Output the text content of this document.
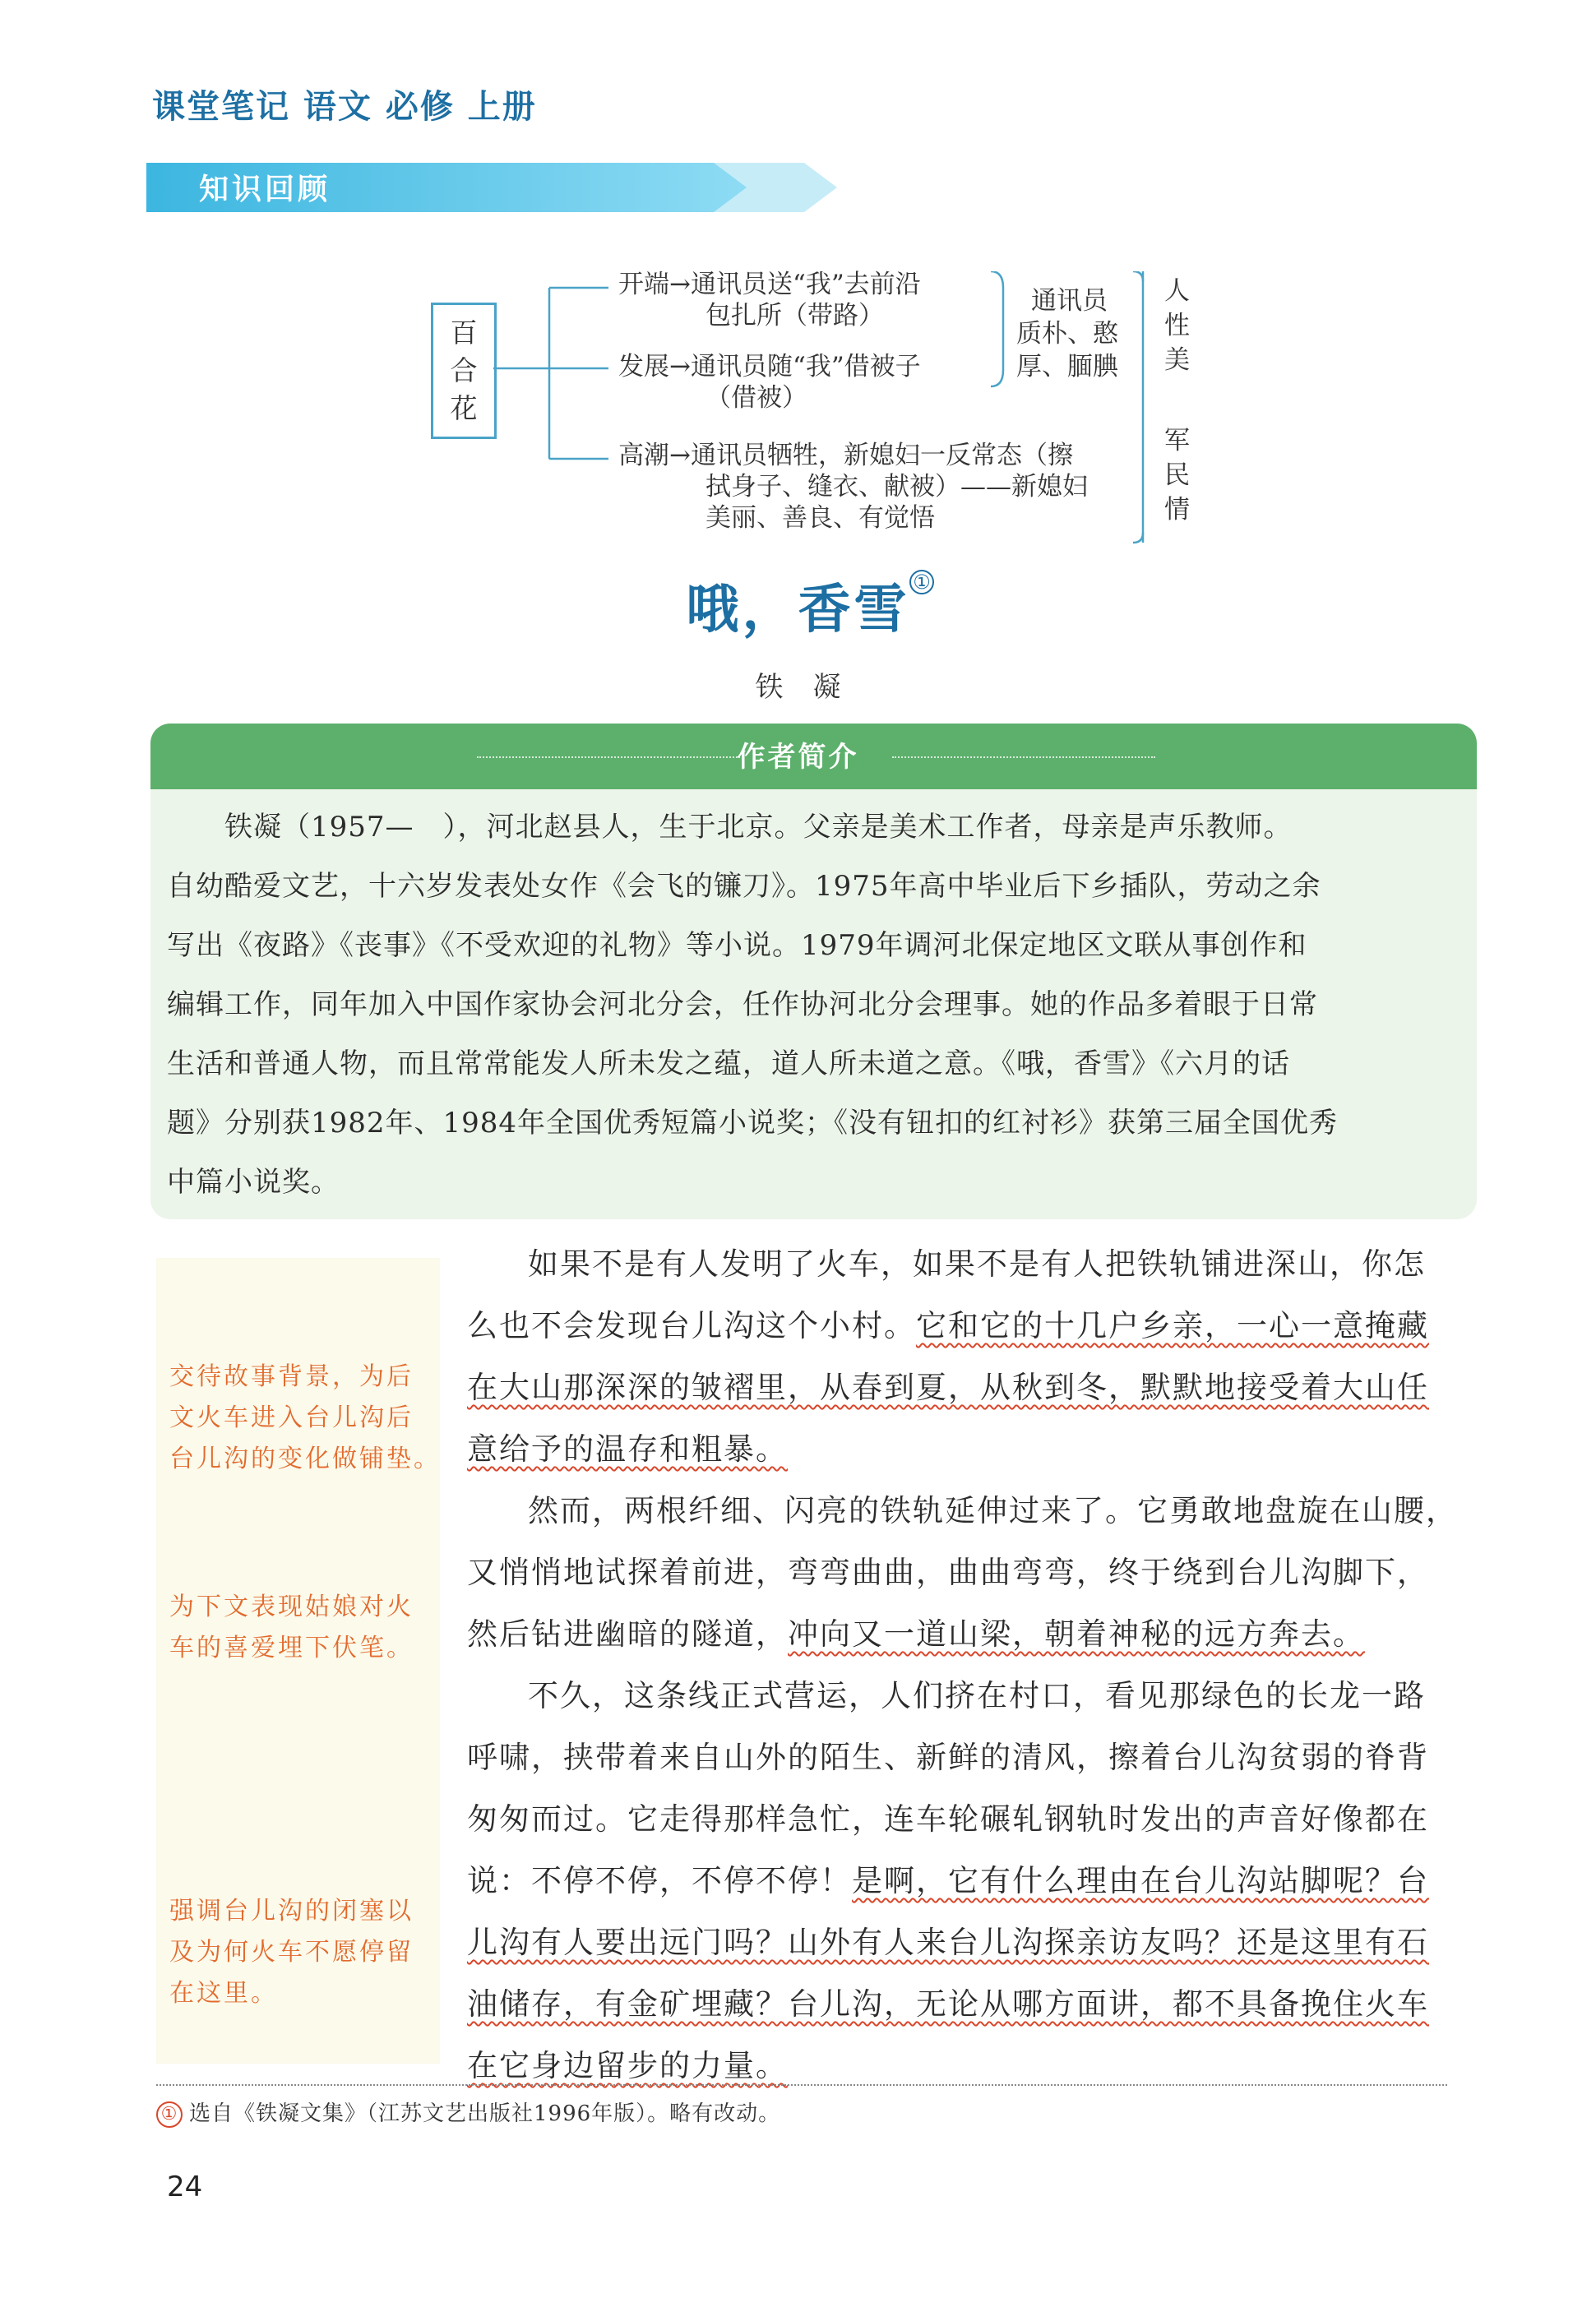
课堂笔记 语文 必修 上册
知识回顾
百
合
花
开端→通讯员送“我”去前沿
包扎所（带路）
发展→通讯员随“我”借被子
（借被）
高潮→通讯员牺牲，新媳妇一反常态（擦
拭身子、缝衣、献被）——新媳妇
美丽、善良、有觉悟
通讯员
质朴、憨
厚、腼腆
人
性
美
军
民
情
哦，香雪 ①
铁凝
作者简介
　　铁凝（1957—　），河北赵县人，生于北京。父亲是美术工作者，母亲是声乐教师。
自幼酷爱文艺，十六岁发表处女作《会飞的镰刀》。1975年高中毕业后下乡插队，劳动之余
写出《夜路》《丧事》《不受欢迎的礼物》等小说。1979年调河北保定地区文联从事创作和
编辑工作，同年加入中国作家协会河北分会，任作协河北分会理事。她的作品多着眼于日常
生活和普通人物，而且常常能发人所未发之蕴，道人所未道之意。《哦，香雪》《六月的话
题》分别获1982年、1984年全国优秀短篇小说奖；《没有钮扣的红衬衫》获第三届全国优秀
中篇小说奖。
交待故事背景，为后
文火车进入台儿沟后
台儿沟的变化做铺垫。
为下文表现姑娘对火
车的喜爱埋下伏笔。
强调台儿沟的闭塞以
及为何火车不愿停留
在这里。
如果不是有人发明了火车，如果不是有人把铁轨铺进深山，你怎
么也不会发现台儿沟这个小村。它和它的十几户乡亲，一心一意掩藏
在大山那深深的皱褶里，从春到夏，从秋到冬，默默地接受着大山任
意给予的温存和粗暴。
然而，两根纤细、闪亮的铁轨延伸过来了。它勇敢地盘旋在山腰，
又悄悄地试探着前进，弯弯曲曲，曲曲弯弯，终于绕到台儿沟脚下，
然后钻进幽暗的隧道，冲向又一道山梁，朝着神秘的远方奔去。
不久，这条线正式营运，人们挤在村口，看见那绿色的长龙一路
呼啸，挟带着来自山外的陌生、新鲜的清风，擦着台儿沟贫弱的脊背
匆匆而过。它走得那样急忙，连车轮碾轧钢轨时发出的声音好像都在
说：不停不停，不停不停！是啊，它有什么理由在台儿沟站脚呢？台
儿沟有人要出远门吗？山外有人来台儿沟探亲访友吗？还是这里有石
油储存，有金矿埋藏？台儿沟，无论从哪方面讲，都不具备挽住火车
在它身边留步的力量。
① 选自《铁凝文集》（江苏文艺出版社1996年版）。略有改动。
24
